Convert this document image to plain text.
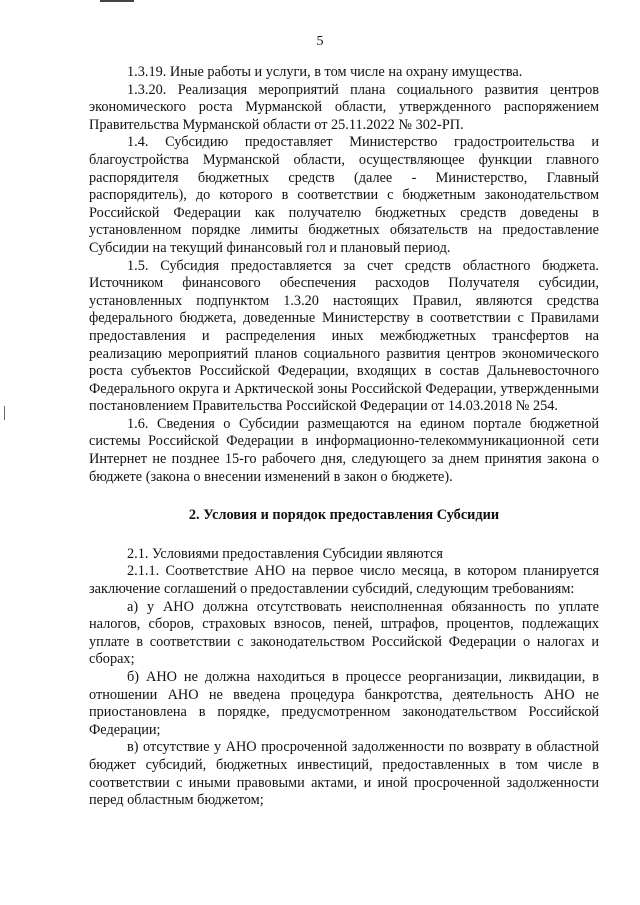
5

1.3.19. Иные работы и услуги, в том числе на охрану имущества.

1.3.20. Реализация мероприятий плана социального развития центров экономического роста Мурманской области, утвержденного распоряжением Правительства Мурманской области от 25.11.2022 № 302-РП.

1.4. Субсидию предоставляет Министерство градостроительства и благоустройства Мурманской области, осуществляющее функции главного распорядителя бюджетных средств (далее - Министерство, Главный распорядитель), до которого в соответствии с бюджетным законодательством Российской Федерации как получателю бюджетных средств доведены в установленном порядке лимиты бюджетных обязательств на предоставление Субсидии на текущий финансовый гол и плановый период.

1.5. Субсидия предоставляется за счет средств областного бюджета. Источником финансового обеспечения расходов Получателя субсидии, установленных подпунктом 1.3.20 настоящих Правил, являются средства федерального бюджета, доведенные Министерству в соответствии с Правилами предоставления и распределения иных межбюджетных трансфертов на реализацию мероприятий планов социального развития центров экономического роста субъектов Российской Федерации, входящих в состав Дальневосточного Федерального округа и Арктической зоны Российской Федерации, утвержденными постановлением Правительства Российской Федерации от 14.03.2018 № 254.

1.6. Сведения о Субсидии размещаются на едином портале бюджетной системы Российской Федерации в информационно-телекоммуникационной сети Интернет не позднее 15-го рабочего дня, следующего за днем принятия закона о бюджете (закона о внесении изменений в закон о бюджете).

2. Условия и порядок предоставления Субсидии

2.1. Условиями предоставления Субсидии являются

2.1.1. Соответствие АНО на первое число месяца, в котором планируется заключение соглашений о предоставлении субсидий, следующим требованиям:

а) у АНО должна отсутствовать неисполненная обязанность по уплате налогов, сборов, страховых взносов, пеней, штрафов, процентов, подлежащих уплате в соответствии с законодательством Российской Федерации о налогах и сборах;

б) АНО не должна находиться в процессе реорганизации, ликвидации, в отношении АНО не введена процедура банкротства, деятельность АНО не приостановлена в порядке, предусмотренном законодательством Российской Федерации;

в) отсутствие у АНО просроченной задолженности по возврату в областной бюджет субсидий, бюджетных инвестиций, предоставленных в том числе в соответствии с иными правовыми актами, и иной просроченной задолженности перед областным бюджетом;
